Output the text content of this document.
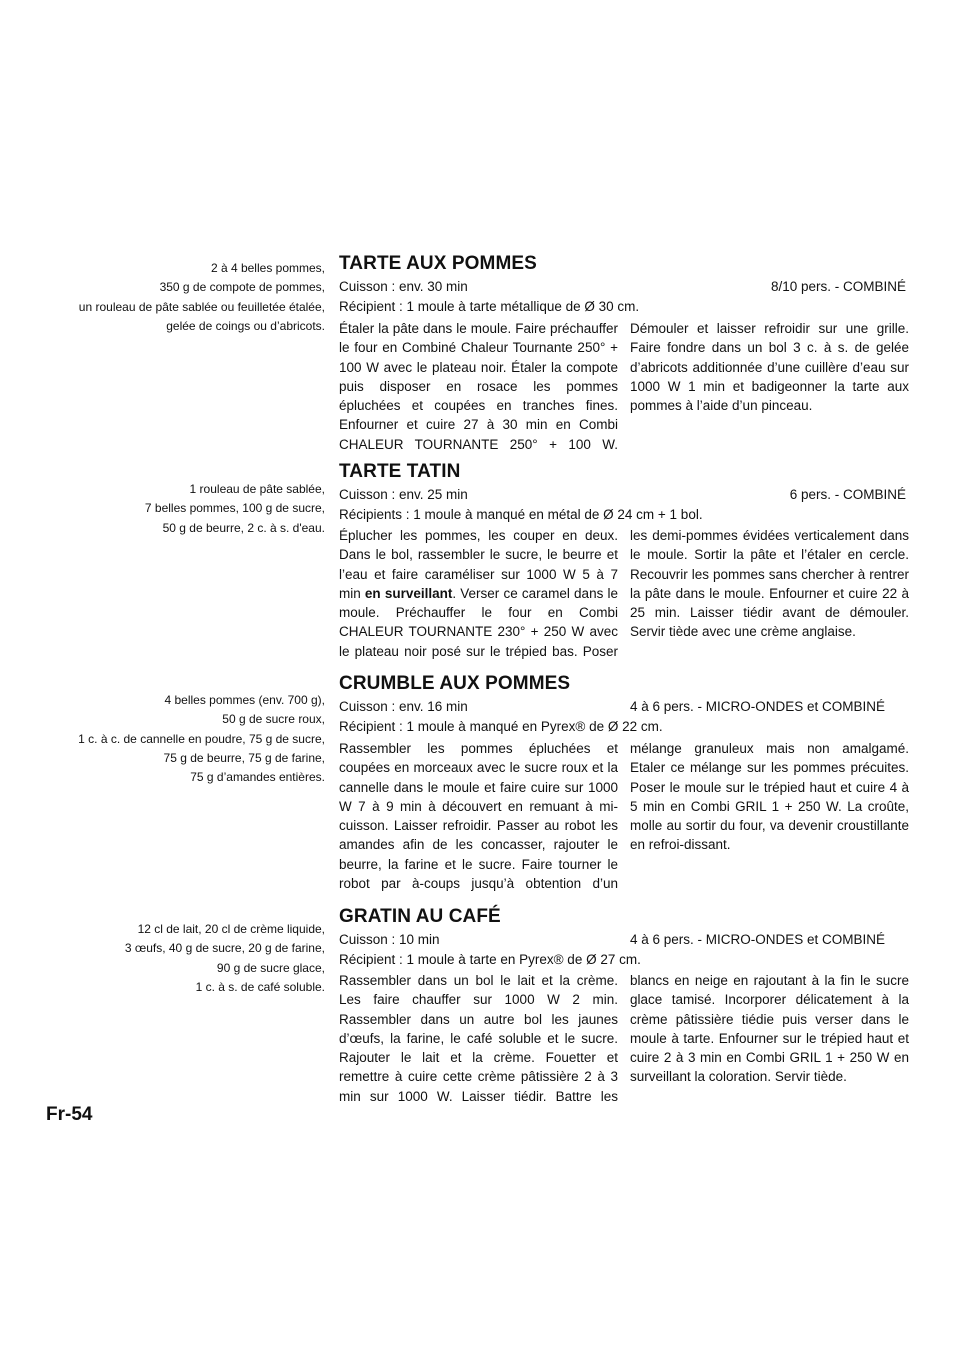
2 à 4 belles pommes,
350 g de compote de pommes,
un rouleau de pâte sablée ou feuilletée étalée,
gelée de coings ou d’abricots.
TARTE AUX POMMES
Cuisson : env. 30 min	8/10 pers. - COMBINÉ
Récipient : 1 moule à tarte métallique de Ø 30 cm.

Étaler la pâte dans le moule. Faire préchauffer le four en Combiné Chaleur Tournante 250° + 100 W avec le plateau noir. Étaler la compote puis disposer en rosace les pommes épluchées et coupées en tranches fines. Enfourner et cuire 27 à 30 min en Combi CHALEUR TOURNANTE 250° + 100 W. Démouler et laisser refroidir sur une grille. Faire fondre dans un bol 3 c. à s. de gelée d’abricots additionnée d’une cuillère d’eau sur 1000 W 1 min et badigeonner la tarte aux pommes à l’aide d’un pinceau.

1 rouleau de pâte sablée,
7 belles pommes, 100 g de sucre,
50 g de beurre, 2 c. à s. d'eau.
TARTE TATIN
Cuisson : env. 25 min	6 pers. - COMBINÉ
Récipients : 1 moule à manqué en métal de Ø 24 cm + 1 bol.

Éplucher les pommes, les couper en deux. Dans le bol, rassembler le sucre, le beurre et l’eau et faire caraméliser sur 1000 W 5 à 7 min en surveillant. Verser ce caramel dans le moule. Préchauffer le four en Combi CHALEUR TOURNANTE 230° + 250 W avec le plateau noir posé sur le trépied bas. Poser les demi-pommes évidées verticalement dans le moule. Sortir la pâte et l’étaler en cercle. Recouvrir les pommes sans chercher à rentrer la pâte dans le moule. Enfourner et cuire 22 à 25 min. Laisser tiédir avant de démouler. Servir tiède avec une crème anglaise.

4 belles pommes (env. 700 g),
50 g de sucre roux,
1 c. à c. de cannelle en poudre, 75 g de sucre,
75 g de beurre, 75 g de farine,
75 g d’amandes entières.
CRUMBLE AUX POMMES
Cuisson : env. 16 min	4 à 6 pers. - MICRO-ONDES et COMBINÉ
Récipient : 1 moule à manqué en Pyrex® de Ø 22 cm.

Rassembler les pommes épluchées et coupées en morceaux avec le sucre roux et la cannelle dans le moule et faire cuire sur 1000 W 7 à 9 min à découvert en remuant à mi-cuisson. Laisser refroidir. Passer au robot les amandes afin de les concasser, rajouter le beurre, la farine et le sucre. Faire tourner le robot par à-coups jusqu’à obtention d’un mélange granuleux mais non amalgamé. Etaler ce mélange sur les pommes précuites. Poser le moule sur le trépied haut et cuire 4 à 5 min en Combi GRIL 1 + 250 W. La croûte, molle au sortir du four, va devenir croustillante en refroi-dissant.

12 cl de lait, 20 cl de crème liquide,
3 œufs, 40 g de sucre, 20 g de farine,
90 g de sucre glace,
1 c. à s. de café soluble.
GRATIN AU CAFÉ
Cuisson : 10 min	4 à 6 pers. - MICRO-ONDES et COMBINÉ
Récipient : 1 moule à tarte en Pyrex® de Ø 27 cm.

Rassembler dans un bol le lait et la crème. Les faire chauffer sur 1000 W 2 min. Rassembler dans un autre bol les jaunes d’œufs, la farine, le café soluble et le sucre. Rajouter le lait et la crème. Fouetter et remettre à cuire cette crème pâtissière 2 à 3 min sur 1000 W. Laisser tiédir. Battre les blancs en neige en rajoutant à la fin le sucre glace tamisé. Incorporer délicatement à la crème pâtissière tiédie puis verser dans le moule à tarte. Enfourner sur le trépied haut et cuire 2 à 3 min en Combi GRIL 1 + 250 W en surveillant la coloration. Servir tiède.

Fr-54
